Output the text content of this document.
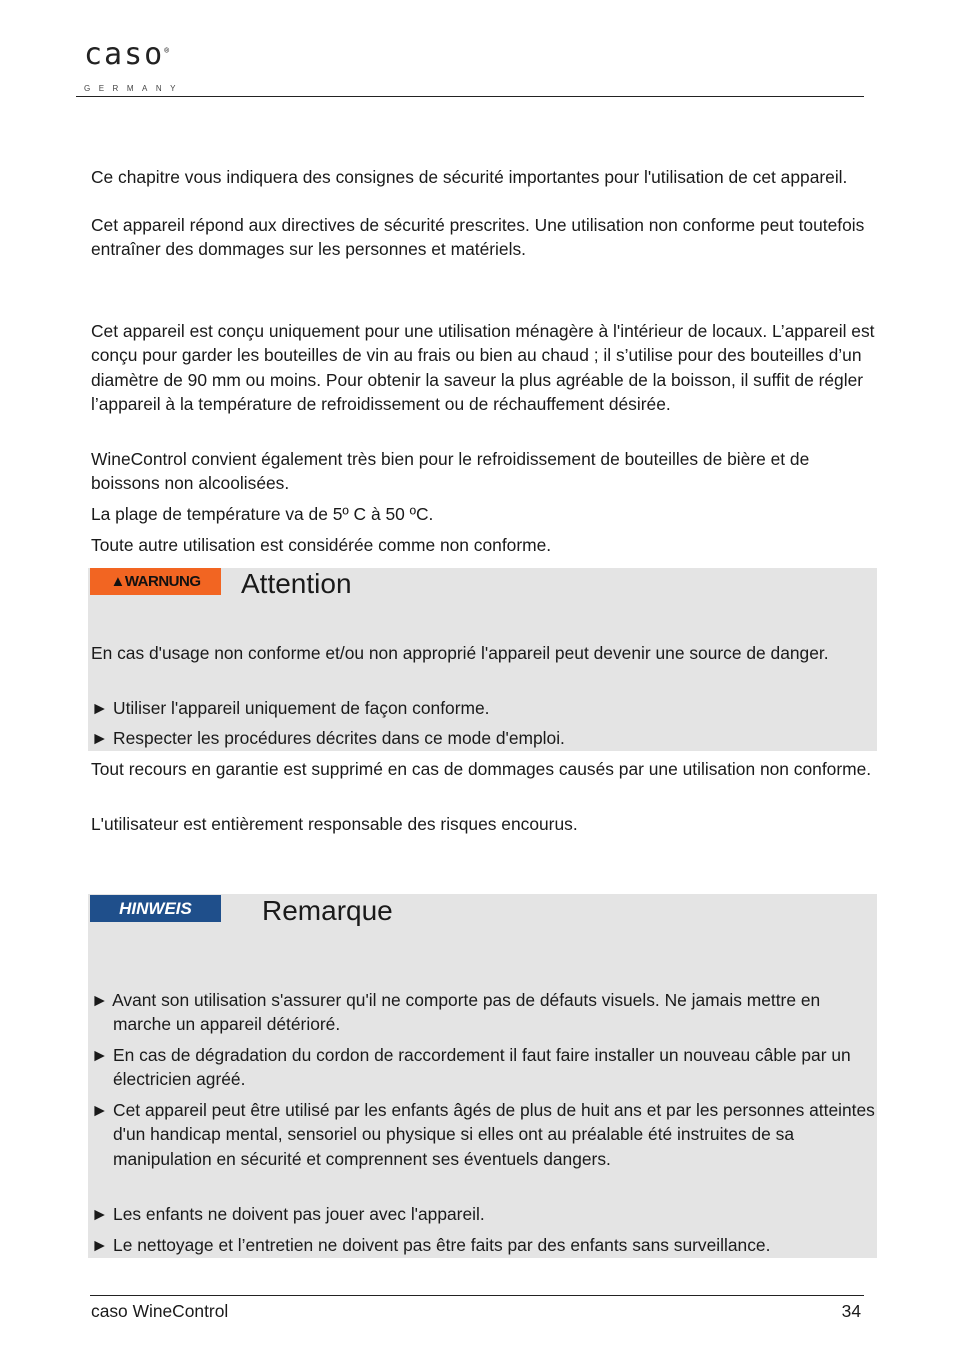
caso®
GERMANY

Ce chapitre vous indiquera des consignes de sécurité importantes pour l'utilisation de cet appareil.

Cet appareil répond aux directives de sécurité prescrites. Une utilisation non conforme peut toutefois entraîner des dommages sur les personnes et matériels.

Cet appareil est conçu uniquement pour une utilisation ménagère à l'intérieur de locaux. L’appareil est conçu pour garder les bouteilles de vin au frais ou bien au chaud ; il s’utilise pour des bouteilles d’un diamètre de 90 mm ou moins. Pour obtenir la saveur la plus agréable de la boisson, il suffit de régler l’appareil à la température de refroidissement ou de réchauffement désirée.

WineControl convient également très bien pour le refroidissement de bouteilles de bière et de boissons non alcoolisées.

La plage de température va de 5º C à 50 ºC.

Toute autre utilisation est considérée comme non conforme.

▲WARNUNG	Attention

En cas d'usage non conforme et/ou non approprié l'appareil peut devenir une source de danger.

► Utiliser l'appareil uniquement de façon conforme.

► Respecter les procédures décrites dans ce mode d'emploi.

Tout recours en garantie est supprimé en cas de dommages causés par une utilisation non conforme.

L'utilisateur est entièrement responsable des risques encourus.

HINWEIS	Remarque

► Avant son utilisation s'assurer qu'il ne comporte pas de défauts visuels. Ne jamais mettre en marche un appareil détérioré.

► En cas de dégradation du cordon de raccordement il faut faire installer un nouveau câble par un électricien agréé.

► Cet appareil peut être utilisé par les enfants âgés de plus de huit ans et par les personnes atteintes d'un handicap mental, sensoriel ou physique si elles ont au préalable été instruites de sa manipulation en sécurité et comprennent ses éventuels dangers.

► Les enfants ne doivent pas jouer avec l'appareil.

► Le nettoyage et l’entretien ne doivent pas être faits par des enfants sans surveillance.

caso WineControl	34
